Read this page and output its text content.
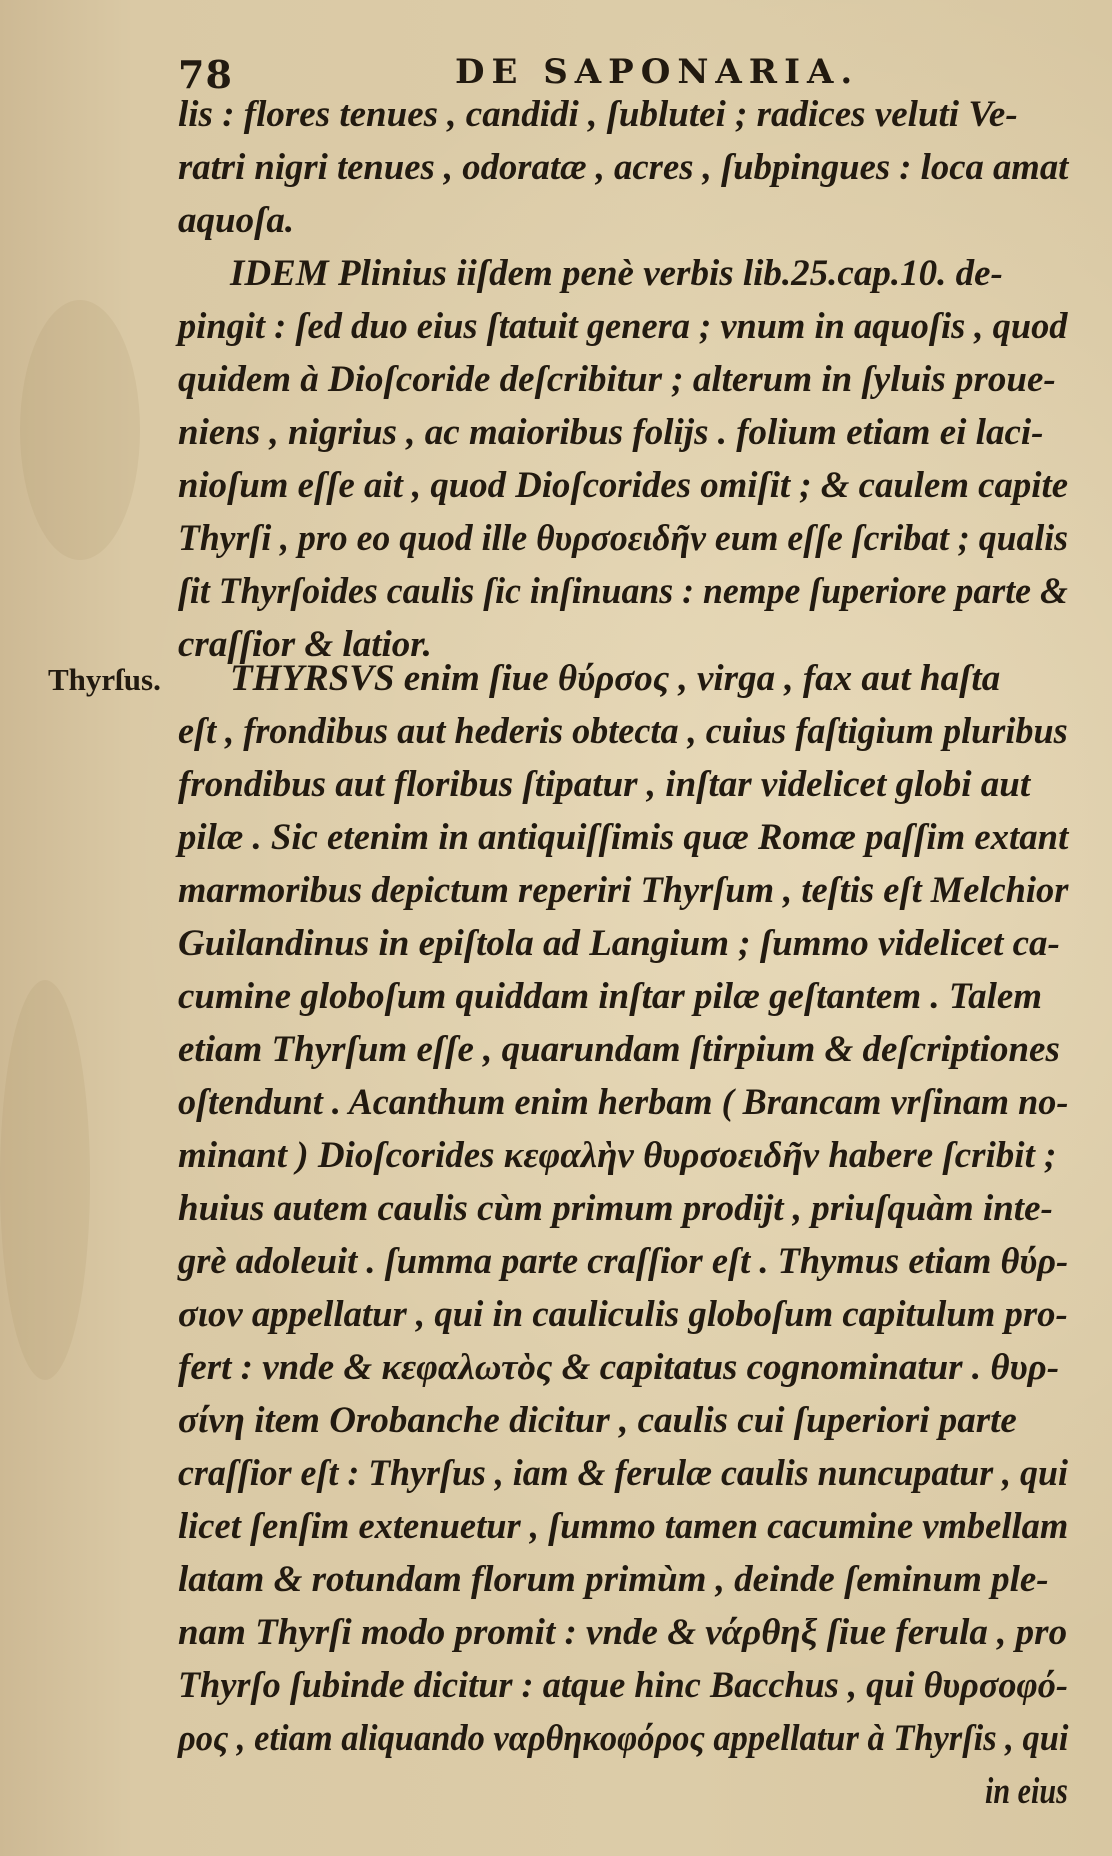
78	DE SAPONARIA.
Thyrſus.
lis : flores tenues , candidi , ſublutei ; radices veluti Ve-
ratri nigri tenues , odoratæ , acres , ſubpingues : loca amat
aquoſa.
IDEM Plinius iiſdem penè verbis lib.25.cap.10. de-
pingit : ſed duo eius ſtatuit genera ; vnum in aquoſis , quod
quidem à Dioſcoride deſcribitur ; alterum in ſyluis proue-
niens , nigrius , ac maioribus folijs . folium etiam ei laci-
nioſum eſſe ait , quod Dioſcorides omiſit ; & caulem capite
Thyrſi , pro eo quod ille θυρσοειδῆν eum eſſe ſcribat ; qualis
ſit Thyrſoides caulis ſic inſinuans : nempe ſuperiore parte &
craſſior & latior.
THYRSVS enim ſiue θύρσος , virga , fax aut haſta
eſt , frondibus aut hederis obtecta , cuius faſtigium pluribus
frondibus aut floribus ſtipatur , inſtar videlicet globi aut
pilæ . Sic etenim in antiquiſſimis quæ Romæ paſſim extant
marmoribus depictum reperiri Thyrſum , teſtis eſt Melchior
Guilandinus in epiſtola ad Langium ; ſummo videlicet ca-
cumine globoſum quiddam inſtar pilæ geſtantem . Talem
etiam Thyrſum eſſe , quarundam ſtirpium & deſcriptiones
oſtendunt . Acanthum enim herbam ( Brancam vrſinam no-
minant ) Dioſcorides κεφαλὴν θυρσοειδῆν habere ſcribit ;
huius autem caulis cùm primum prodijt , priuſquàm inte-
grè adoleuit . ſumma parte craſſior eſt . Thymus etiam θύρ-
σιον appellatur , qui in cauliculis globoſum capitulum pro-
fert : vnde & κεφαλωτὸς & capitatus cognominatur . θυρ-
σίνη item Orobanche dicitur , caulis cui ſuperiori parte
craſſior eſt : Thyrſus , iam & ferulæ caulis nuncupatur , qui
licet ſenſim extenuetur , ſummo tamen cacumine vmbellam
latam & rotundam florum primùm , deinde ſeminum ple-
nam Thyrſi modo promit : vnde & νάρθηξ ſiue ferula , pro
Thyrſo ſubinde dicitur : atque hinc Bacchus , qui θυρσοφό-
ρος , etiam aliquando ναρθηκοφόρος appellatur à Thyrſis , qui
in eius
